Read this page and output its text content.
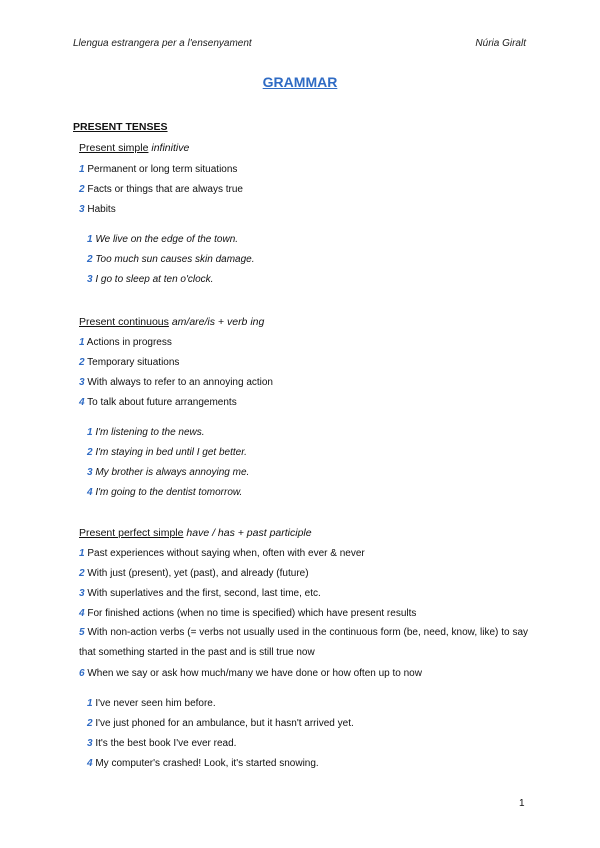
Llengua estrangera per a l'ensenyament	Núria Giralt
GRAMMAR
PRESENT TENSES
Present simple infinitive
1 Permanent or long term situations
2 Facts or things that are always true
3 Habits
1 We live on the edge of the town.
2 Too much sun causes skin damage.
3 I go to sleep at ten o'clock.
Present continuous am/are/is + verb ing
1 Actions in progress
2 Temporary situations
3 With always to refer to an annoying action
4 To talk about future arrangements
1 I'm listening to the news.
2 I'm staying in bed until I get better.
3 My brother is always annoying me.
4 I'm going to the dentist tomorrow.
Present perfect simple have / has + past participle
1 Past experiences without saying when, often with ever & never
2 With just (present), yet (past), and already (future)
3 With superlatives and the first, second, last time, etc.
4 For finished actions (when no time is specified) which have present results
5 With non-action verbs (= verbs not usually used in the continuous form (be, need, know, like) to say that something started in the past and is still true now
6 When we say or ask how much/many we have done or how often up to now
1 I've never seen him before.
2 I've just phoned for an ambulance, but it hasn't arrived yet.
3 It's the best book I've ever read.
4 My computer's crashed! Look, it's started snowing.
1
